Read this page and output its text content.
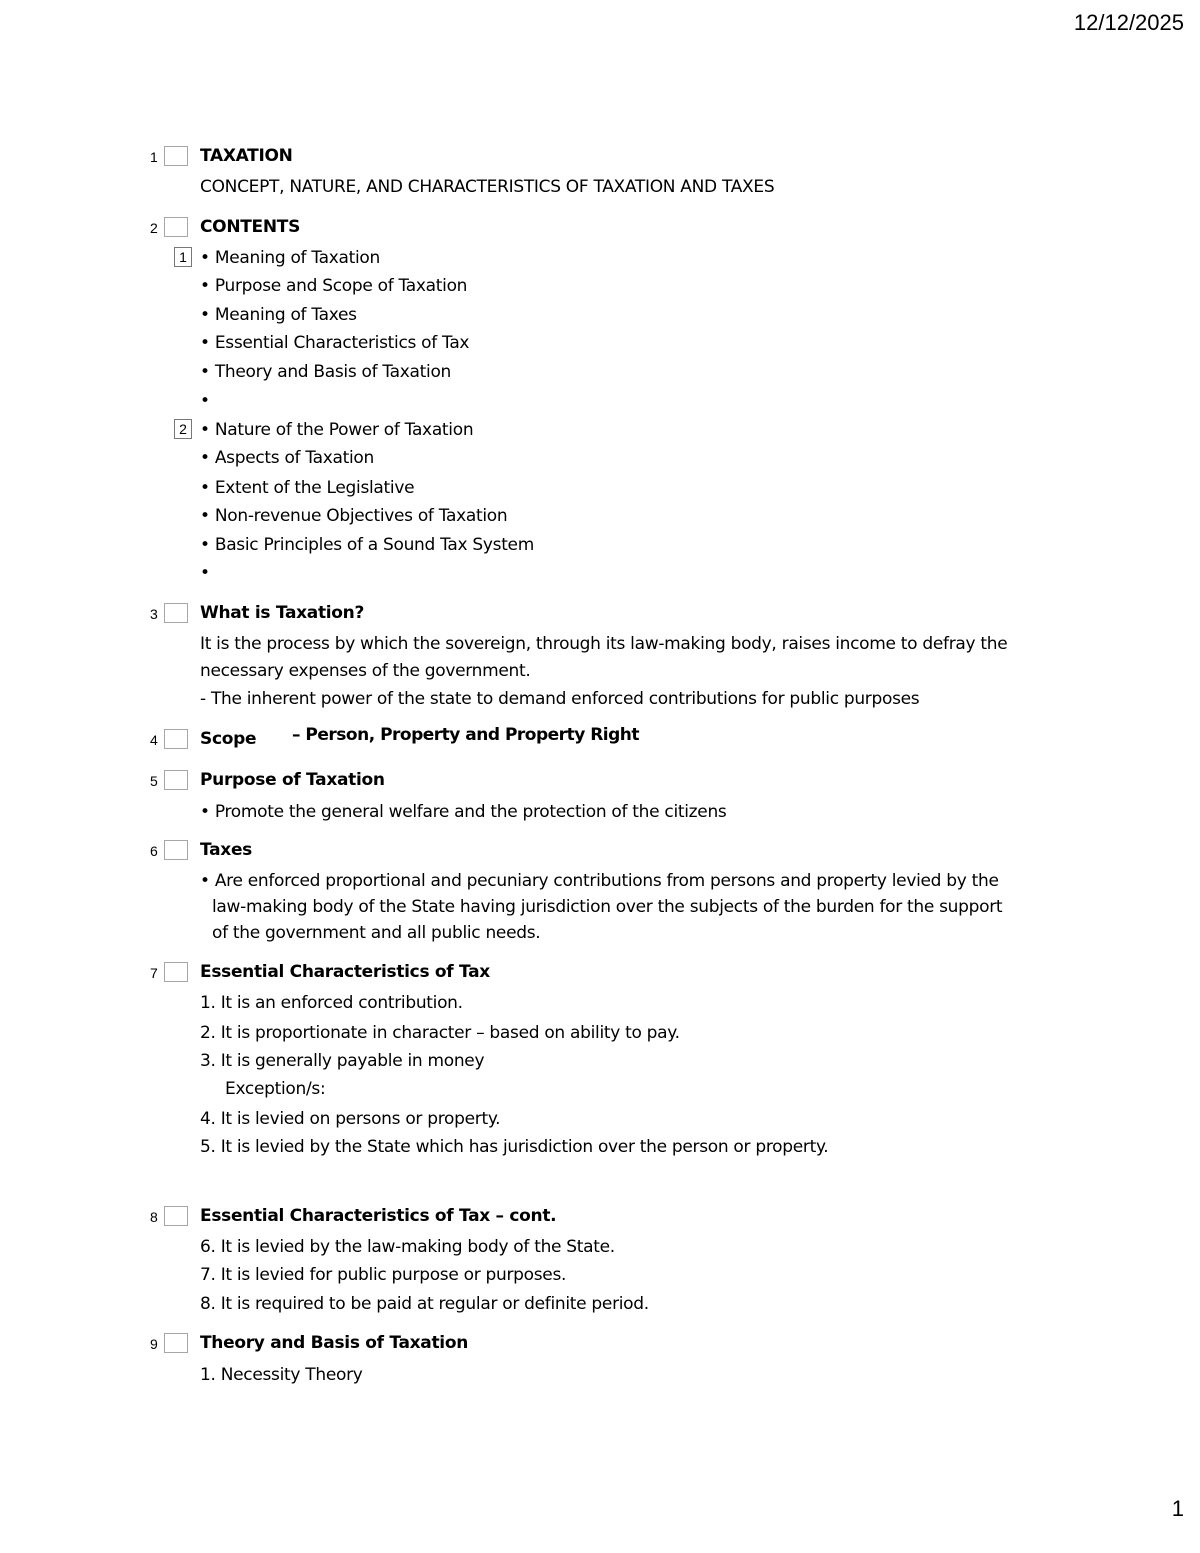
12/12/2025
1 TAXATION
CONCEPT, NATURE, AND CHARACTERISTICS OF TAXATION AND TAXES
2 CONTENTS
1 • Meaning of Taxation
• Purpose and Scope of Taxation
• Meaning of Taxes
• Essential Characteristics of Tax
• Theory and Basis of Taxation
•
2 • Nature of the Power of Taxation
• Aspects of Taxation
• Extent of the Legislative
• Non-revenue Objectives of Taxation
• Basic Principles of a Sound Tax System
•
3 What is Taxation?
It is the process by which the sovereign, through its law-making body, raises income to defray the
necessary expenses of the government.
- The inherent power of the state to demand enforced contributions for public purposes
4 Scope – Person, Property and Property Right
5 Purpose of Taxation
• Promote the general welfare and the protection of the citizens
6 Taxes
• Are enforced proportional and pecuniary contributions from persons and property levied by the
law-making body of the State having jurisdiction over the subjects of the burden for the support
of the government and all public needs.
7 Essential Characteristics of Tax
1. It is an enforced contribution.
2. It is proportionate in character – based on ability to pay.
3. It is generally payable in money
Exception/s:
4. It is levied on persons or property.
5. It is levied by the State which has jurisdiction over the person or property.
8 Essential Characteristics of Tax – cont.
6. It is levied by the law-making body of the State.
7. It is levied for public purpose or purposes.
8. It is required to be paid at regular or definite period.
9 Theory and Basis of Taxation
1. Necessity Theory
1
